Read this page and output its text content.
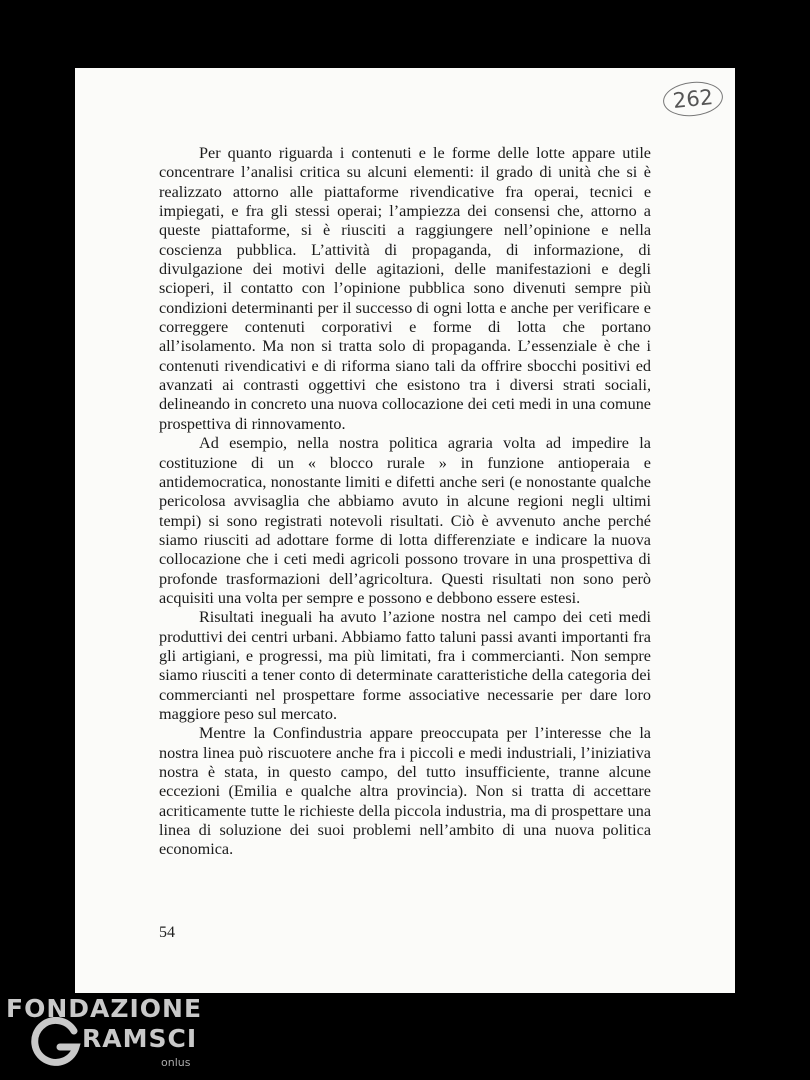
262

Per quanto riguarda i contenuti e le forme delle lotte appare utile concentrare l’analisi critica su alcuni elementi: il grado di unità che si è realizzato attorno alle piattaforme rivendicative fra operai, tecnici e impiegati, e fra gli stessi operai; l’ampiezza dei consensi che, attorno a queste piattaforme, si è riusciti a raggiungere nell’opinione e nella coscienza pubblica. L’attività di propaganda, di informazione, di divulgazione dei motivi delle agitazioni, delle manifestazioni e degli scioperi, il contatto con l’opinione pubblica sono divenuti sempre più condizioni determinanti per il successo di ogni lotta e anche per verificare e correggere contenuti corporativi e forme di lotta che portano all’isolamento. Ma non si tratta solo di propaganda. L’essenziale è che i contenuti rivendicativi e di riforma siano tali da offrire sbocchi positivi ed avanzati ai contrasti oggettivi che esistono tra i diversi strati sociali, delineando in concreto una nuova collocazione dei ceti medi in una comune prospettiva di rinnovamento.

Ad esempio, nella nostra politica agraria volta ad impedire la costituzione di un « blocco rurale » in funzione antioperaia e antidemocratica, nonostante limiti e difetti anche seri (e nonostante qualche pericolosa avvisaglia che abbiamo avuto in alcune regioni negli ultimi tempi) si sono registrati notevoli risultati. Ciò è avvenuto anche perché siamo riusciti ad adottare forme di lotta differenziate e indicare la nuova collocazione che i ceti medi agricoli possono trovare in una prospettiva di profonde trasformazioni dell’agricoltura. Questi risultati non sono però acquisiti una volta per sempre e possono e debbono essere estesi.

Risultati ineguali ha avuto l’azione nostra nel campo dei ceti medi produttivi dei centri urbani. Abbiamo fatto taluni passi avanti importanti fra gli artigiani, e progressi, ma più limitati, fra i commercianti. Non sempre siamo riusciti a tener conto di determinate caratteristiche della categoria dei commercianti nel prospettare forme associative necessarie per dare loro maggiore peso sul mercato.

Mentre la Confindustria appare preoccupata per l’interesse che la nostra linea può riscuotere anche fra i piccoli e medi industriali, l’iniziativa nostra è stata, in questo campo, del tutto insufficiente, tranne alcune eccezioni (Emilia e qualche altra provincia). Non si tratta di accettare acriticamente tutte le richieste della piccola industria, ma di prospettare una linea di soluzione dei suoi problemi nell’ambito di una nuova politica economica.

54
FONDAZIONE
RAMSCI
onlus
